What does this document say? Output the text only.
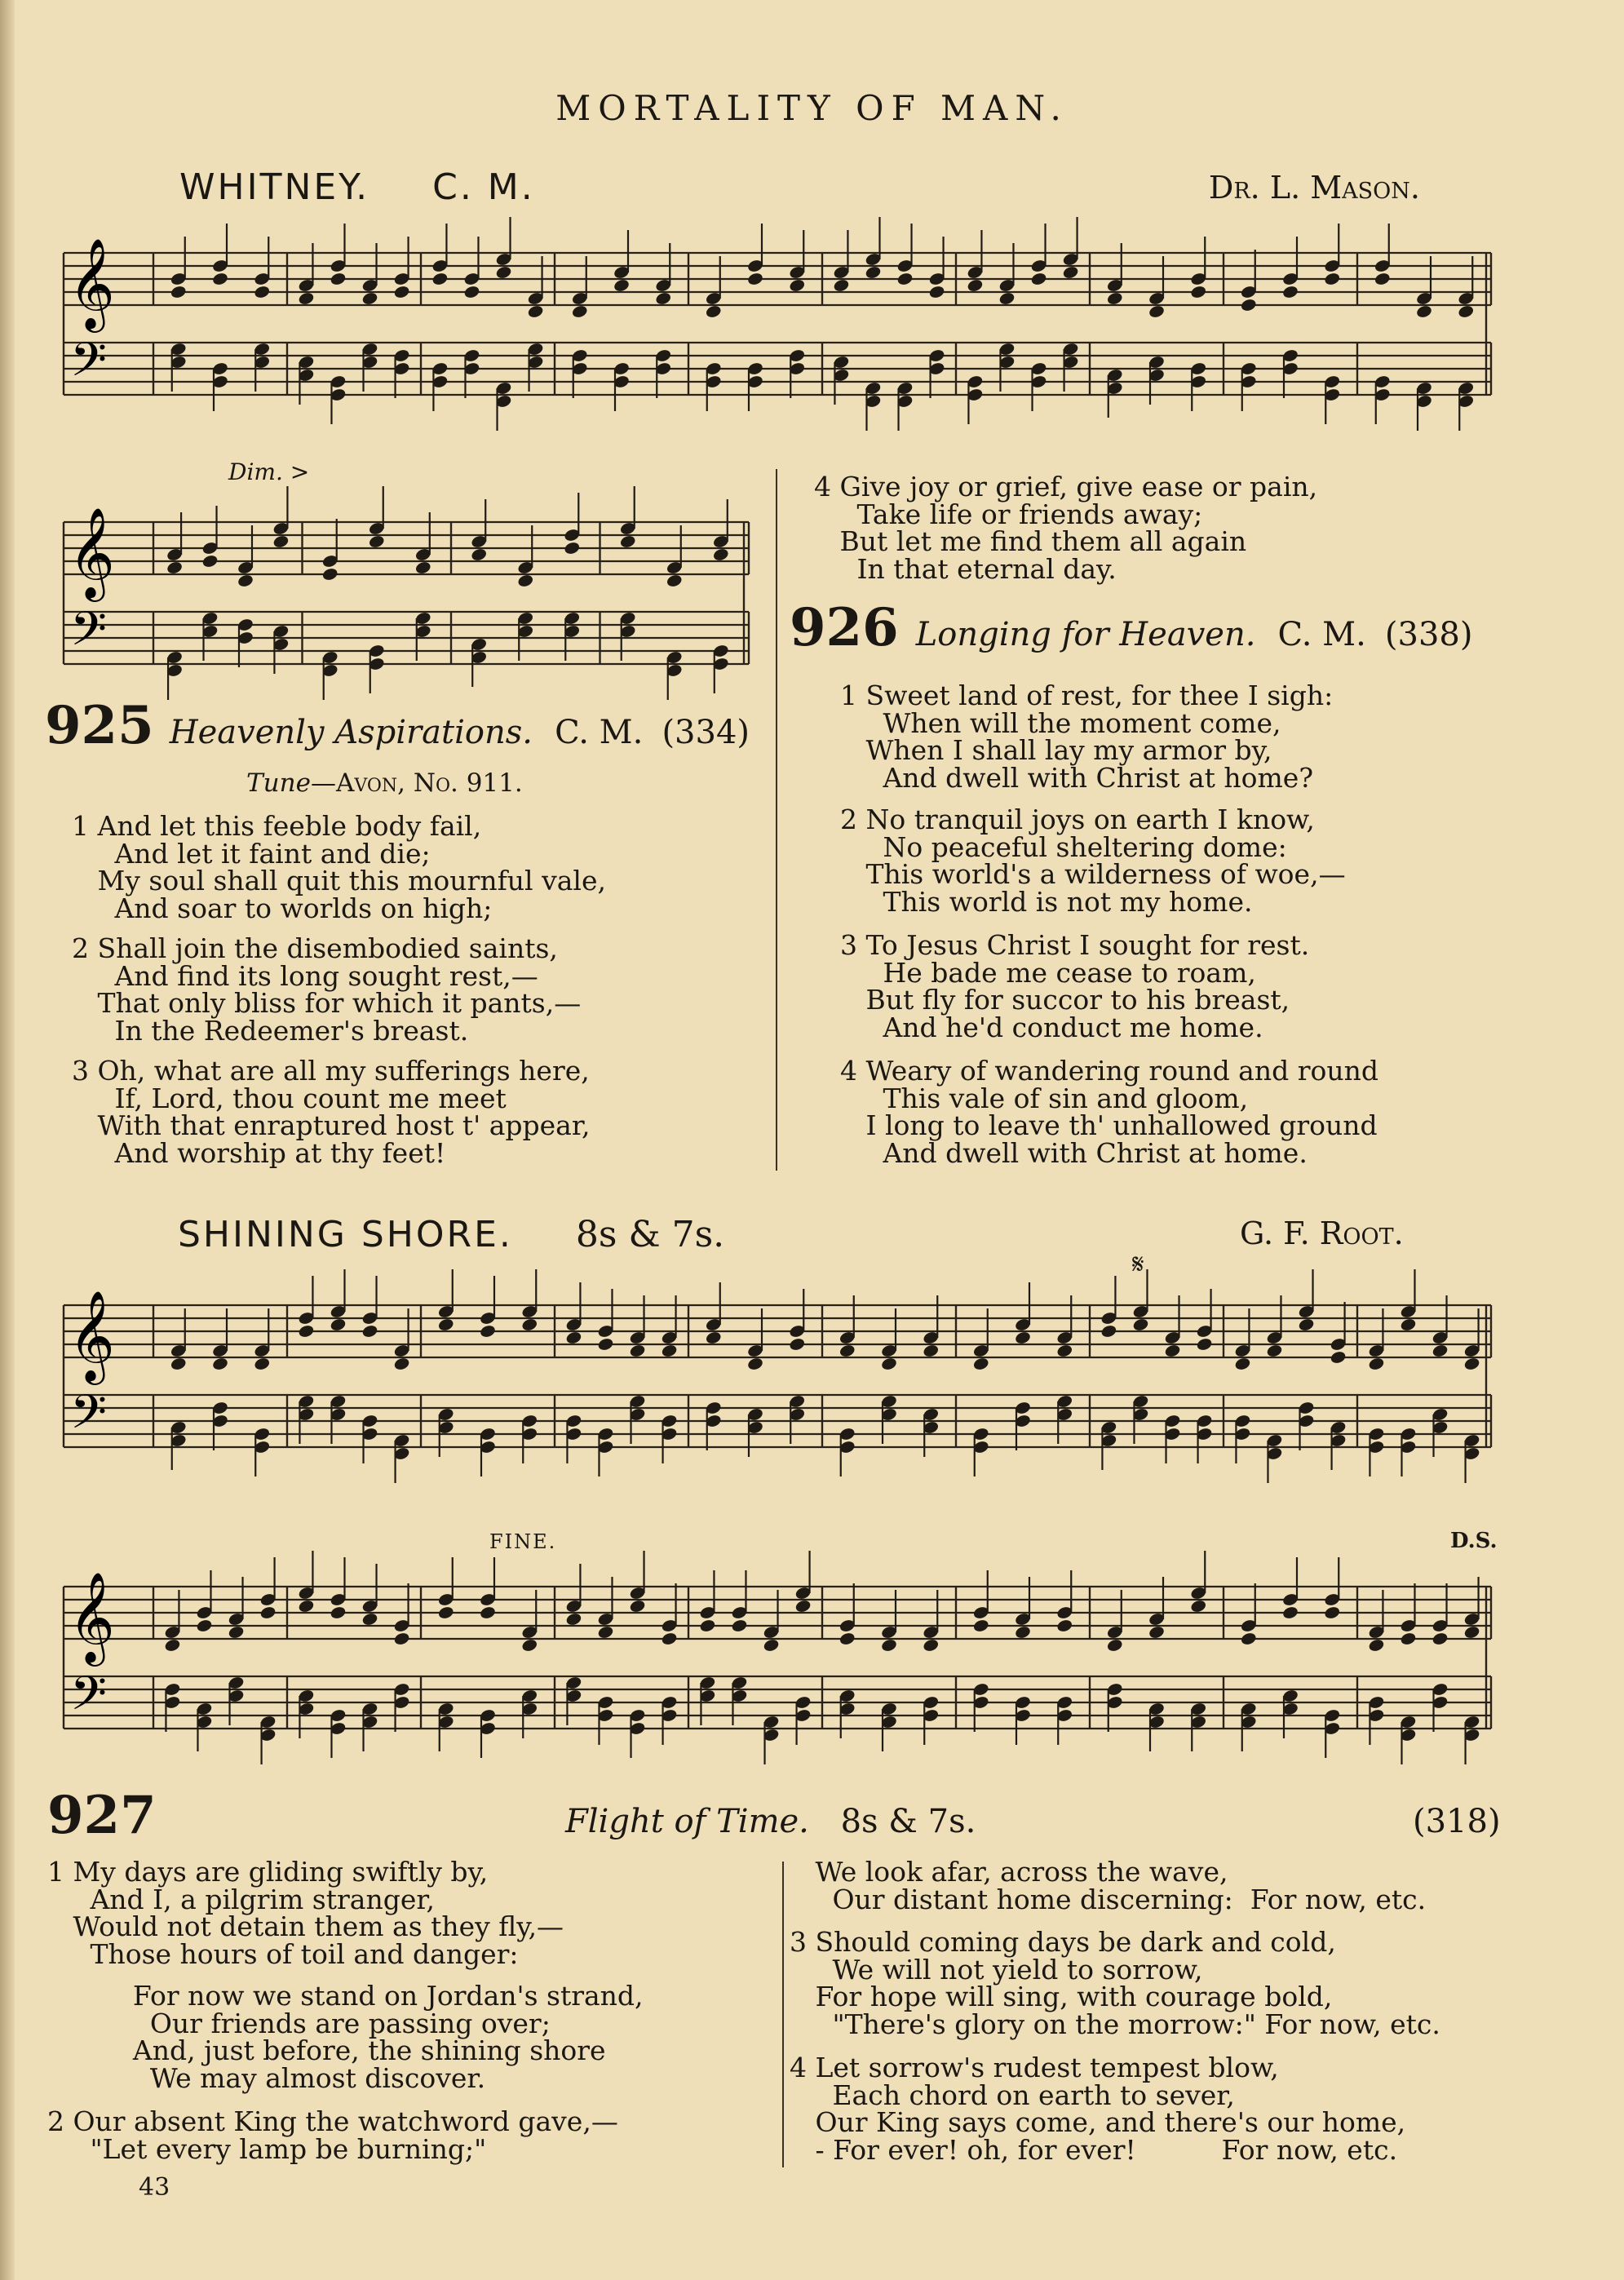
MORTALITY OF MAN.
WHITNEY. C. M.	Dr. L. Mason.
𝄞
𝄢
Dim. >
𝄞
𝄢
925 Heavenly Aspirations. C. M. (334)
Tune—Avon, No. 911.
1 And let this feeble body fail,
And let it faint and die;
My soul shall quit this mournful vale,
And soar to worlds on high;
2 Shall join the disembodied saints,
And find its long sought rest,—
That only bliss for which it pants,—
In the Redeemer's breast.
3 Oh, what are all my sufferings here,
If, Lord, thou count me meet
With that enraptured host t' appear,
And worship at thy feet!
4 Give joy or grief, give ease or pain,
Take life or friends away;
But let me find them all again
In that eternal day.
926 Longing for Heaven. C. M. (338)
1 Sweet land of rest, for thee I sigh:
When will the moment come,
When I shall lay my armor by,
And dwell with Christ at home?
2 No tranquil joys on earth I know,
No peaceful sheltering dome:
This world's a wilderness of woe,—
This world is not my home.
3 To Jesus Christ I sought for rest.
He bade me cease to roam,
But fly for succor to his breast,
And he'd conduct me home.
4 Weary of wandering round and round
This vale of sin and gloom,
I long to leave th' unhallowed ground
And dwell with Christ at home.
SHINING SHORE. 8s & 7s.	G. F. Root.
𝄋
𝄞
𝄢
FINE.	D.S.
𝄞
𝄢
927	Flight of Time. 8s & 7s.	(318)
1 My days are gliding swiftly by,
And I, a pilgrim stranger,
Would not detain them as they fly,—
Those hours of toil and danger:
For now we stand on Jordan's strand,
Our friends are passing over;
And, just before, the shining shore
We may almost discover.
2 Our absent King the watchword gave,—
"Let every lamp be burning;"
We look afar, across the wave,
Our distant home discerning:  For now, etc.
3 Should coming days be dark and cold,
We will not yield to sorrow,
For hope will sing, with courage bold,
"There's glory on the morrow:" For now, etc.
4 Let sorrow's rudest tempest blow,
Each chord on earth to sever,
Our King says come, and there's our home,
- For ever! oh, for ever!          For now, etc.
43
